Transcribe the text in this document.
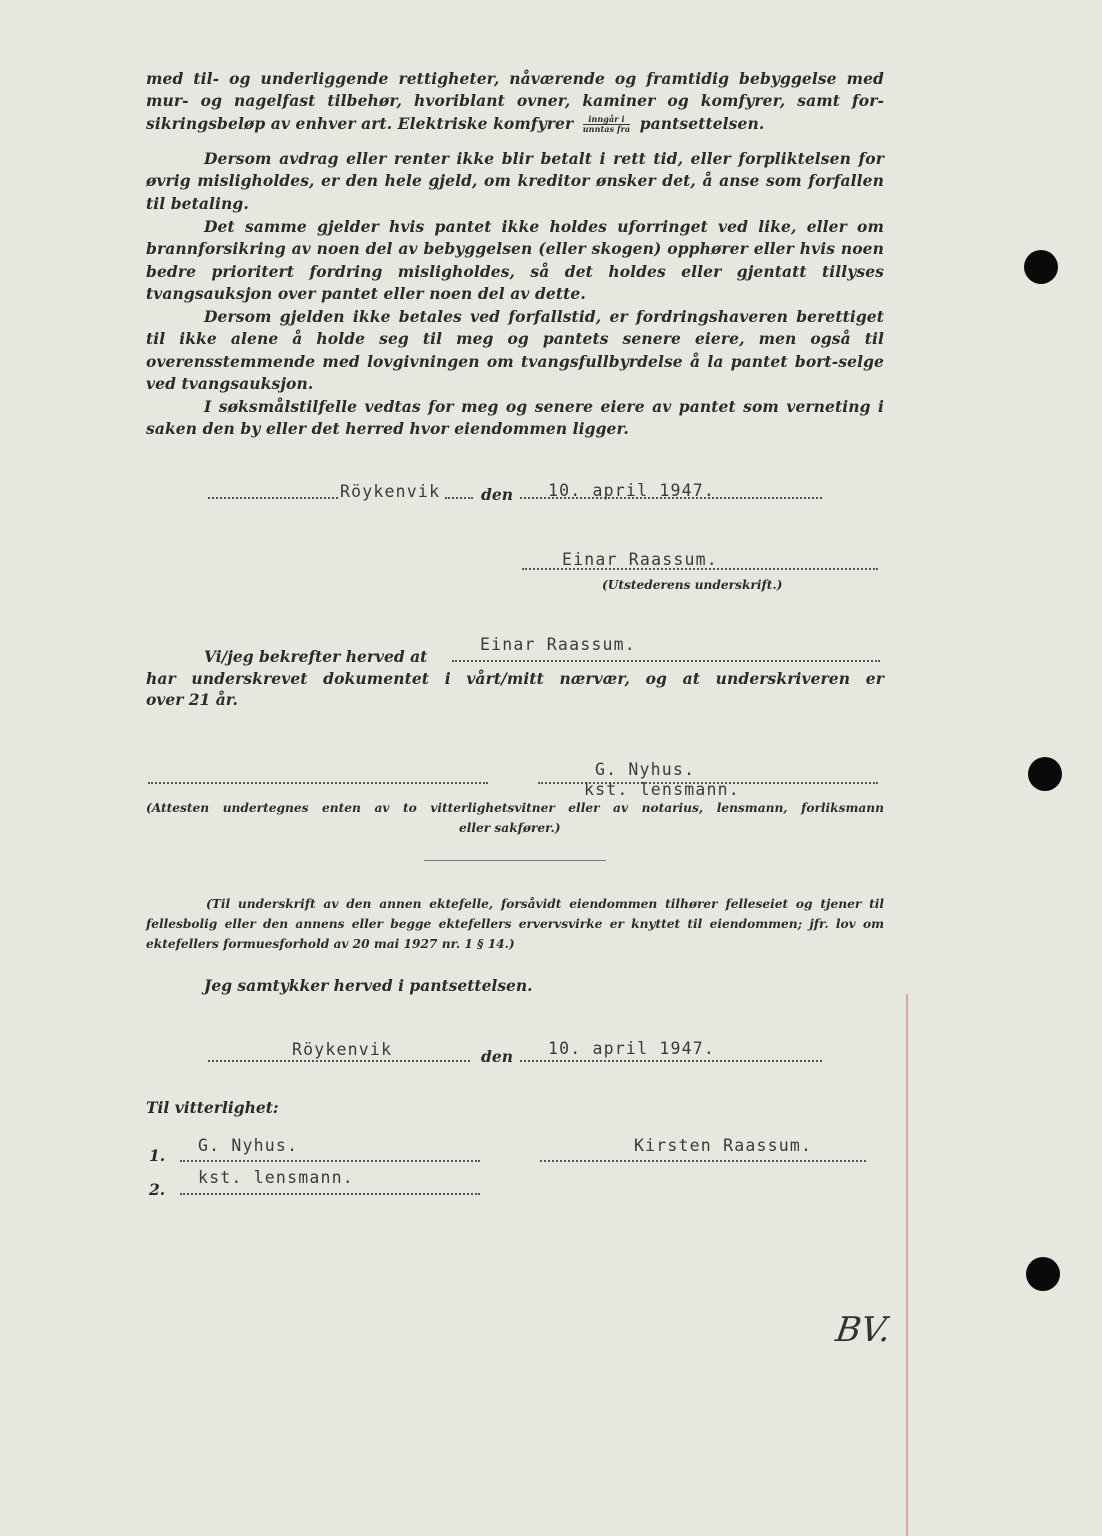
med til- og underliggende rettigheter, nåværende og framtidig bebyggelse med mur- og nagelfast tilbehør, hvoriblant ovner, kaminer og komfyrer, samt for-sikringsbeløp av enhver art. Elektriske komfyrer $\frac{\text{inngår i}}{\text{unntas fra}}$ pantsettelsen.
Dersom avdrag eller renter ikke blir betalt i rett tid, eller forpliktelsen for øvrig misligholdes, er den hele gjeld, om kreditor ønsker det, å anse som forfallen til betaling.
Det samme gjelder hvis pantet ikke holdes uforringet ved like, eller om brannforsikring av noen del av bebyggelsen (eller skogen) opphører eller hvis noen bedre prioritert fordring misligholdes, så det holdes eller gjentatt tillyses tvangsauksjon over pantet eller noen del av dette.
Dersom gjelden ikke betales ved forfallstid, er fordringshaveren berettiget til ikke alene å holde seg til meg og pantets senere eiere, men også til overensstemmende med lovgivningen om tvangsfullbyrdelse å la pantet bort-selge ved tvangsauksjon.
I søksmålstilfelle vedtas for meg og senere eiere av pantet som verneting i saken den by eller det herred hvor eiendommen ligger.
Röykenvik	den 10. april 1947.
Einar Raassum.
(Utstederens underskrift.)
Vi/jeg bekrefter herved at
Einar Raassum.
har underskrevet dokumentet i vårt/mitt nærvær, og at underskriveren er
over 21 år.
G. Nyhus.
kst. lensmann.
(Attesten undertegnes enten av to vitterlighetsvitner eller av notarius, lensmann, forliksmann
eller sakfører.)
(Til underskrift av den annen ektefelle, forsåvidt eiendommen tilhører felleseiet og tjener til fellesbolig eller den annens eller begge ektefellers ervervsvirke er knyttet til eiendommen; jfr. lov om ektefellers formuesforhold av 20 mai 1927 nr. 1 § 14.)
Jeg samtykker herved i pantsettelsen.
Röykenvik	den 10. april 1947.
Til vitterlighet:
1.
G. Nyhus.	Kirsten Raassum.
2.
kst. lensmann.
BV.
